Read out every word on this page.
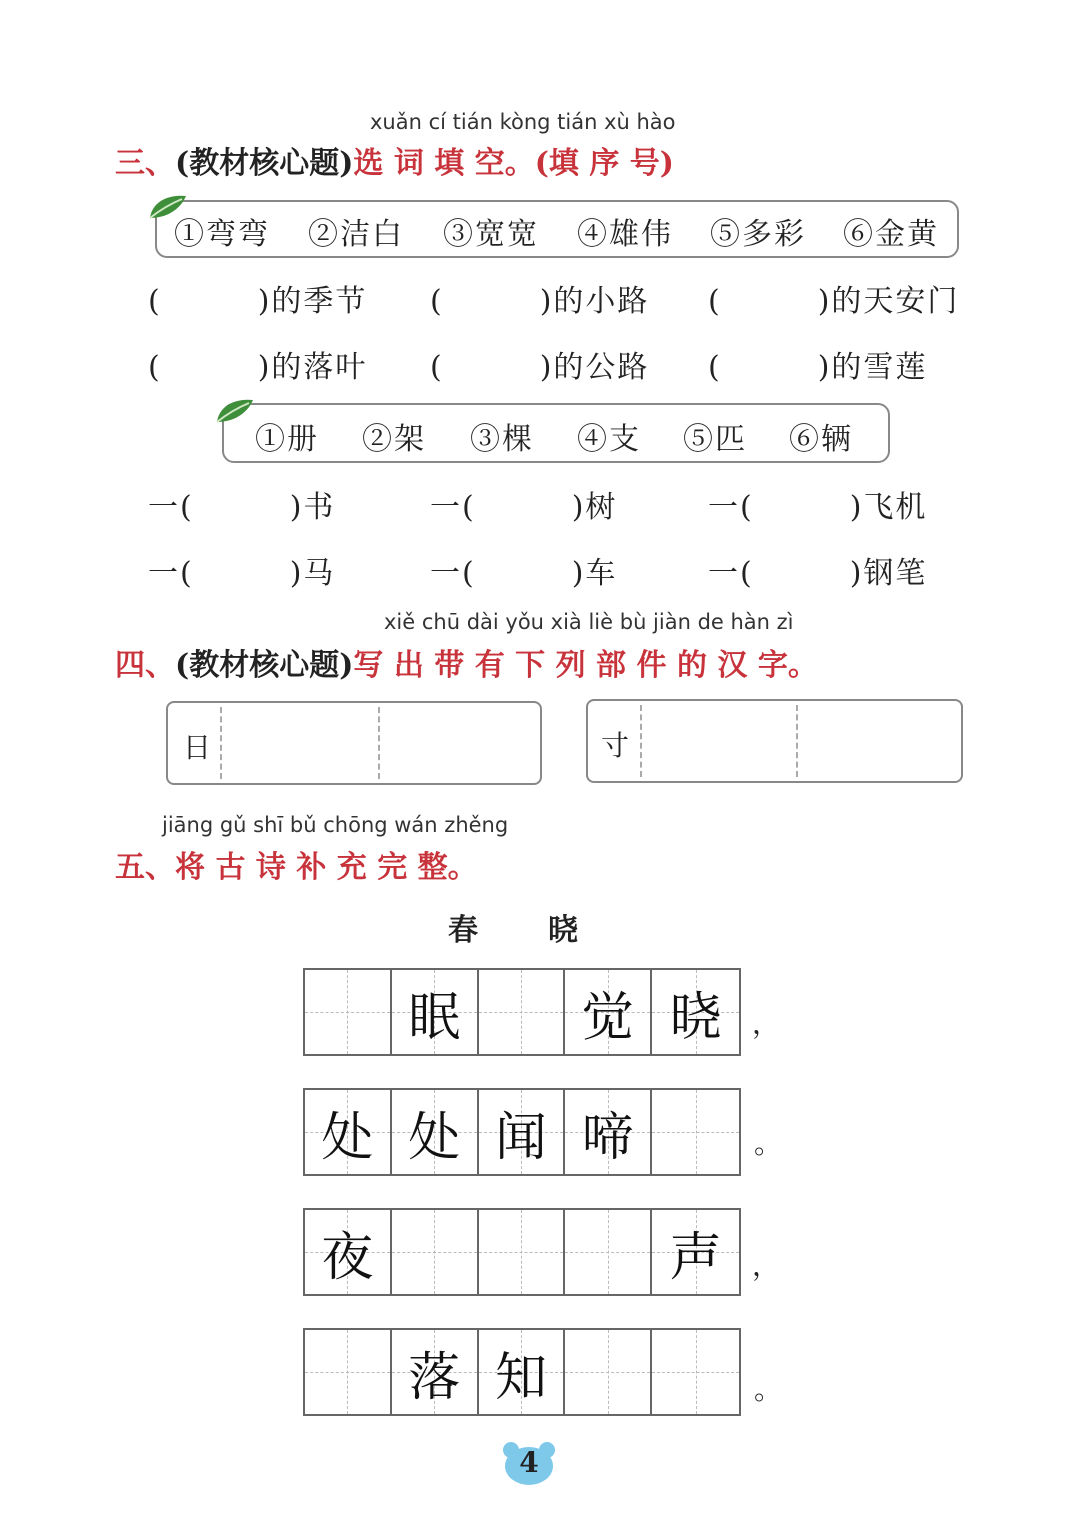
xuǎn cí tián kòng tián xù hào
三、(教材核心题)选 词 填 空。(填 序 号)
①弯弯 ②洁白 ③宽宽 ④雄伟 ⑤多彩 ⑥金黄
(　　　)的季节 (　　　)的小路 (　　　)的天安门
(　　　)的落叶 (　　　)的公路 (　　　)的雪莲
①册 ②架 ③棵 ④支 ⑤匹 ⑥辆
一(　　　)书	一(　　　)树	一(　　　)飞机
一(　　　)马	一(　　　)车	一(　　　)钢笔
xiě chū dài yǒu xià liè bù jiàn de hàn zì
四、(教材核心题)写 出 带 有 下 列 部 件 的 汉 字。
日	寸
jiāng gǔ shī bǔ chōng wán zhěng
五、将 古 诗 补 充 完 整。
春晓
眠	觉 晓	，
处 处 闻 啼	。
夜	声	，
落 知	。
4
